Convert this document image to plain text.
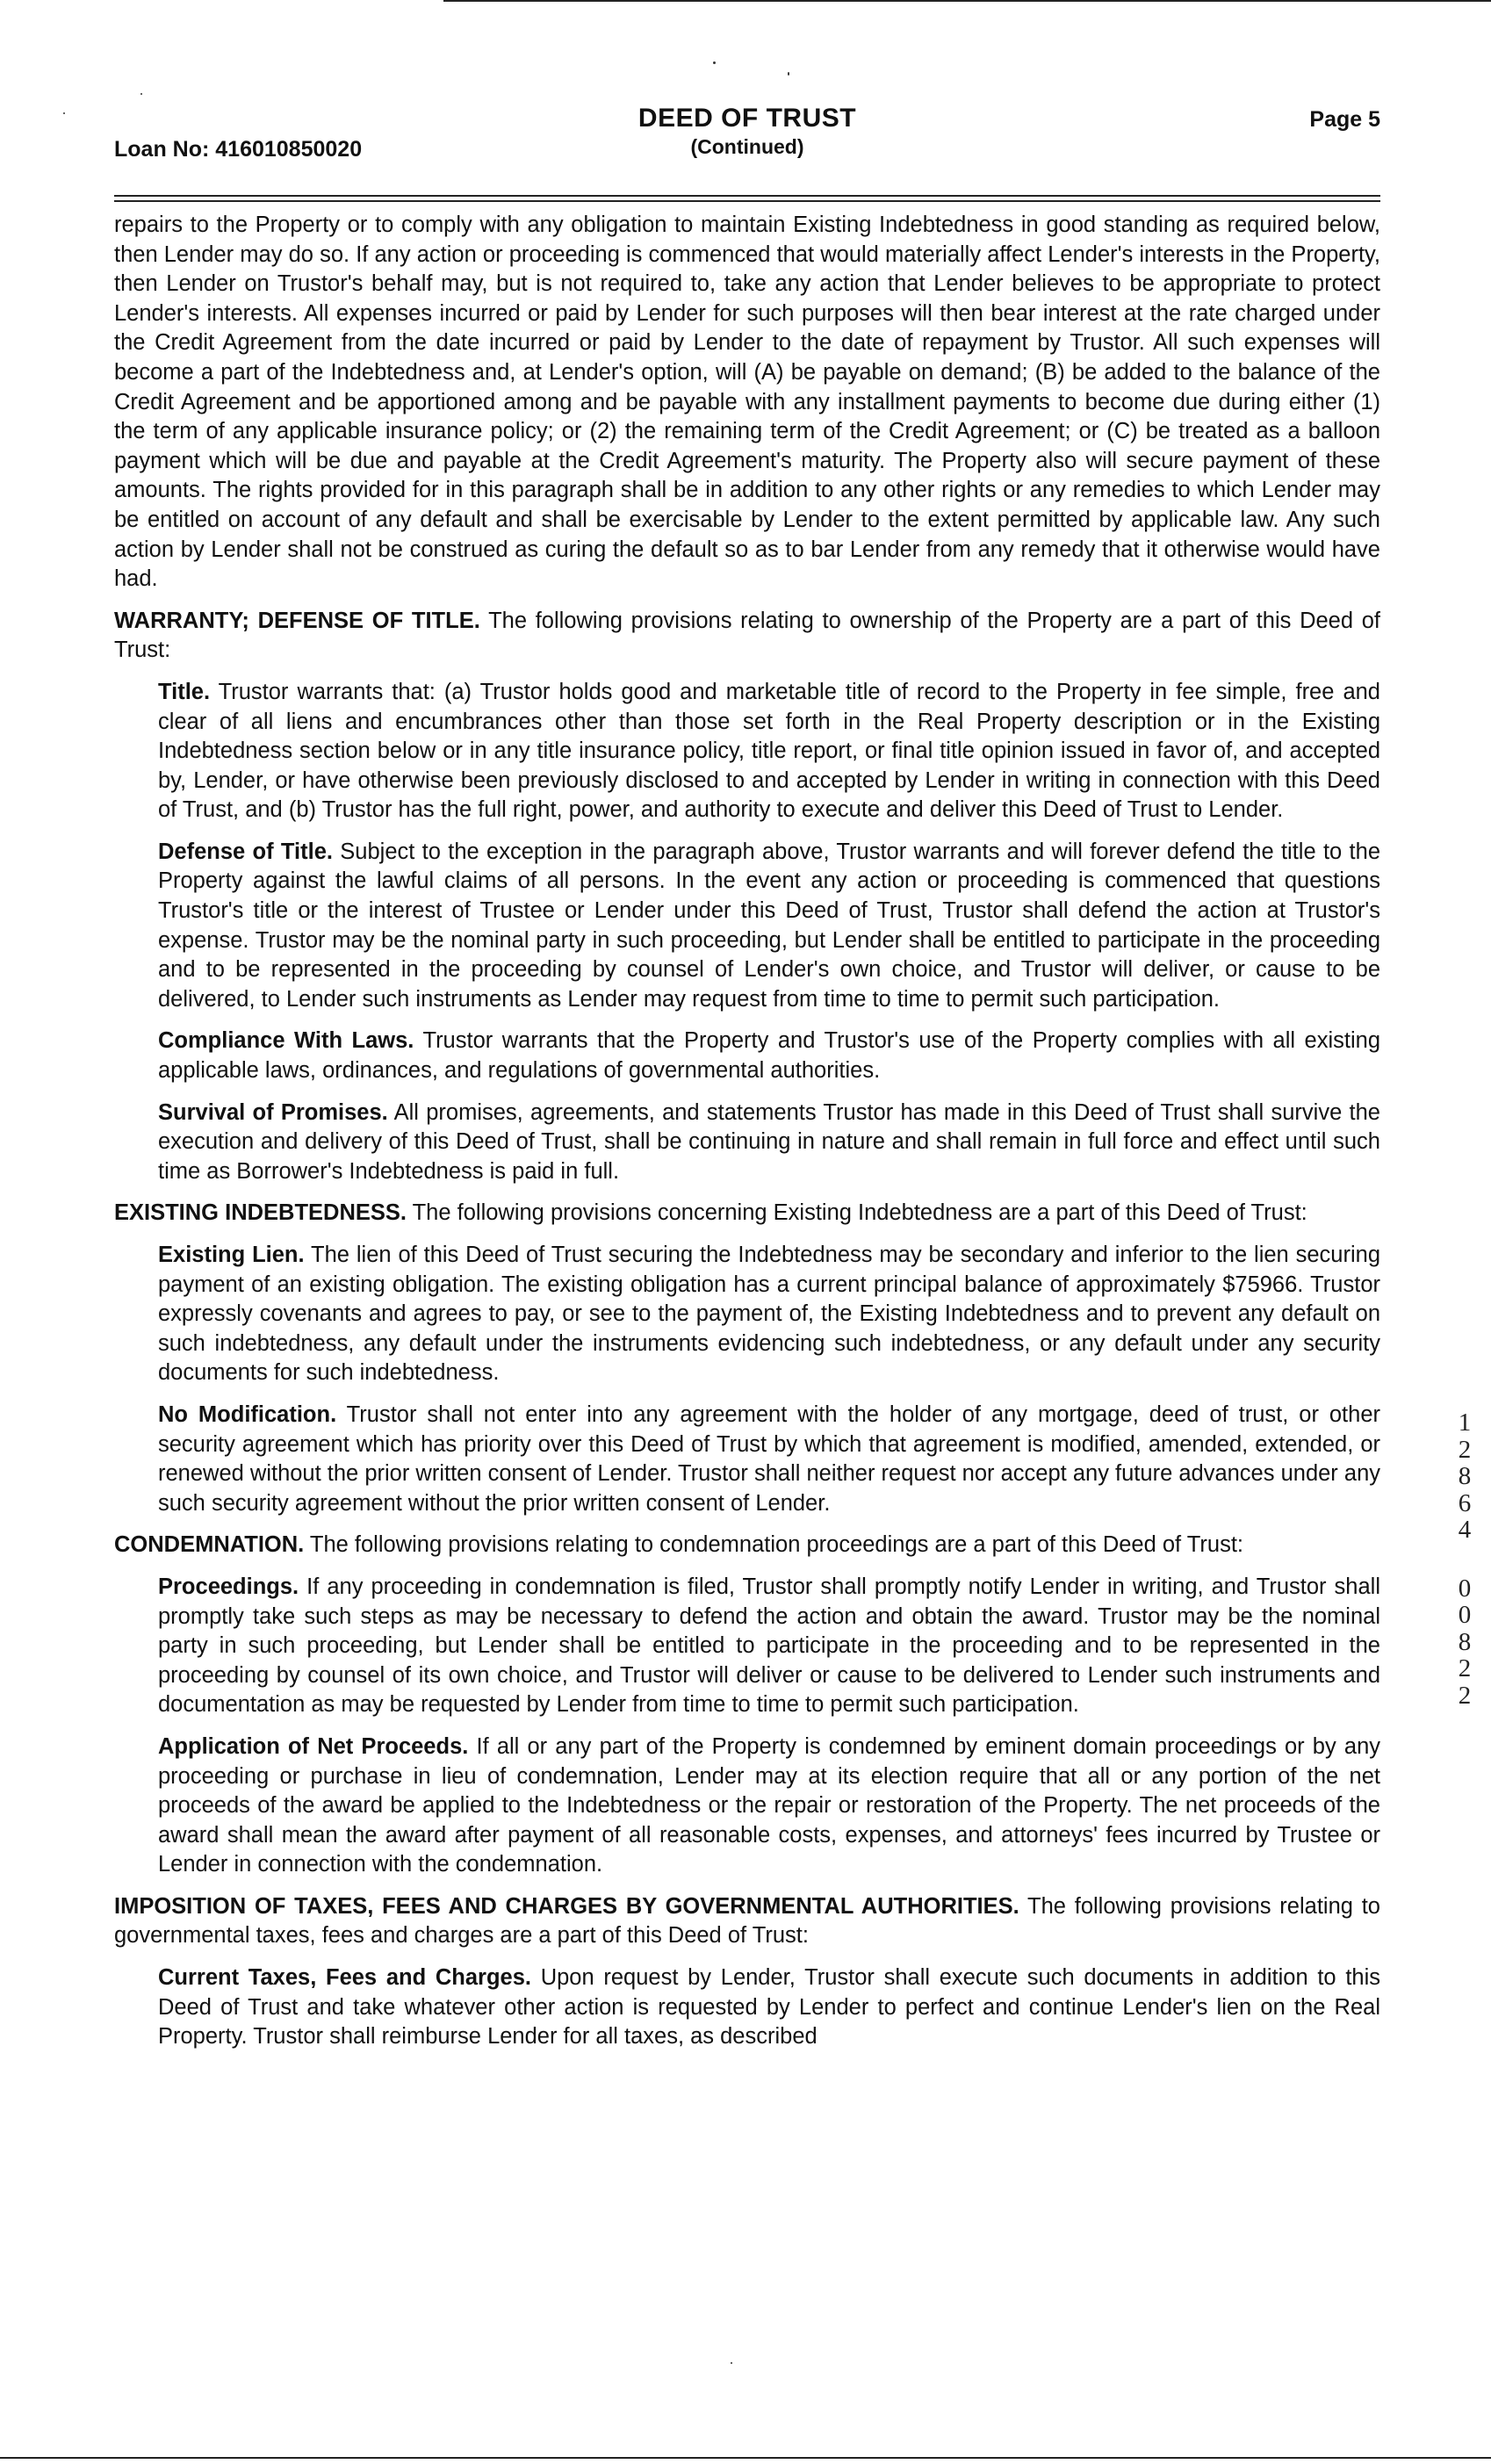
Loan No: 416010850020
DEED OF TRUST
(Continued)
Page 5

repairs to the Property or to comply with any obligation to maintain Existing Indebtedness in good standing as required below, then Lender may do so. If any action or proceeding is commenced that would materially affect Lender's interests in the Property, then Lender on Trustor's behalf may, but is not required to, take any action that Lender believes to be appropriate to protect Lender's interests. All expenses incurred or paid by Lender for such purposes will then bear interest at the rate charged under the Credit Agreement from the date incurred or paid by Lender to the date of repayment by Trustor. All such expenses will become a part of the Indebtedness and, at Lender's option, will (A) be payable on demand; (B) be added to the balance of the Credit Agreement and be apportioned among and be payable with any installment payments to become due during either (1) the term of any applicable insurance policy; or (2) the remaining term of the Credit Agreement; or (C) be treated as a balloon payment which will be due and payable at the Credit Agreement's maturity. The Property also will secure payment of these amounts. The rights provided for in this paragraph shall be in addition to any other rights or any remedies to which Lender may be entitled on account of any default and shall be exercisable by Lender to the extent permitted by applicable law. Any such action by Lender shall not be construed as curing the default so as to bar Lender from any remedy that it otherwise would have had.

WARRANTY; DEFENSE OF TITLE. The following provisions relating to ownership of the Property are a part of this Deed of Trust:

Title. Trustor warrants that: (a) Trustor holds good and marketable title of record to the Property in fee simple, free and clear of all liens and encumbrances other than those set forth in the Real Property description or in the Existing Indebtedness section below or in any title insurance policy, title report, or final title opinion issued in favor of, and accepted by, Lender, or have otherwise been previously disclosed to and accepted by Lender in writing in connection with this Deed of Trust, and (b) Trustor has the full right, power, and authority to execute and deliver this Deed of Trust to Lender.

Defense of Title. Subject to the exception in the paragraph above, Trustor warrants and will forever defend the title to the Property against the lawful claims of all persons. In the event any action or proceeding is commenced that questions Trustor's title or the interest of Trustee or Lender under this Deed of Trust, Trustor shall defend the action at Trustor's expense. Trustor may be the nominal party in such proceeding, but Lender shall be entitled to participate in the proceeding and to be represented in the proceeding by counsel of Lender's own choice, and Trustor will deliver, or cause to be delivered, to Lender such instruments as Lender may request from time to time to permit such participation.

Compliance With Laws. Trustor warrants that the Property and Trustor's use of the Property complies with all existing applicable laws, ordinances, and regulations of governmental authorities.

Survival of Promises. All promises, agreements, and statements Trustor has made in this Deed of Trust shall survive the execution and delivery of this Deed of Trust, shall be continuing in nature and shall remain in full force and effect until such time as Borrower's Indebtedness is paid in full.

EXISTING INDEBTEDNESS. The following provisions concerning Existing Indebtedness are a part of this Deed of Trust:

Existing Lien. The lien of this Deed of Trust securing the Indebtedness may be secondary and inferior to the lien securing payment of an existing obligation. The existing obligation has a current principal balance of approximately $75966. Trustor expressly covenants and agrees to pay, or see to the payment of, the Existing Indebtedness and to prevent any default on such indebtedness, any default under the instruments evidencing such indebtedness, or any default under any security documents for such indebtedness.

No Modification. Trustor shall not enter into any agreement with the holder of any mortgage, deed of trust, or other security agreement which has priority over this Deed of Trust by which that agreement is modified, amended, extended, or renewed without the prior written consent of Lender. Trustor shall neither request nor accept any future advances under any such security agreement without the prior written consent of Lender.

CONDEMNATION. The following provisions relating to condemnation proceedings are a part of this Deed of Trust:

Proceedings. If any proceeding in condemnation is filed, Trustor shall promptly notify Lender in writing, and Trustor shall promptly take such steps as may be necessary to defend the action and obtain the award. Trustor may be the nominal party in such proceeding, but Lender shall be entitled to participate in the proceeding and to be represented in the proceeding by counsel of its own choice, and Trustor will deliver or cause to be delivered to Lender such instruments and documentation as may be requested by Lender from time to time to permit such participation.

Application of Net Proceeds. If all or any part of the Property is condemned by eminent domain proceedings or by any proceeding or purchase in lieu of condemnation, Lender may at its election require that all or any portion of the net proceeds of the award be applied to the Indebtedness or the repair or restoration of the Property. The net proceeds of the award shall mean the award after payment of all reasonable costs, expenses, and attorneys' fees incurred by Trustee or Lender in connection with the condemnation.

IMPOSITION OF TAXES, FEES AND CHARGES BY GOVERNMENTAL AUTHORITIES. The following provisions relating to governmental taxes, fees and charges are a part of this Deed of Trust:

Current Taxes, Fees and Charges. Upon request by Lender, Trustor shall execute such documents in addition to this Deed of Trust and take whatever other action is requested by Lender to perfect and continue Lender's lien on the Real Property. Trustor shall reimburse Lender for all taxes, as described

1
2
8
6
4
0
0
8
2
2
